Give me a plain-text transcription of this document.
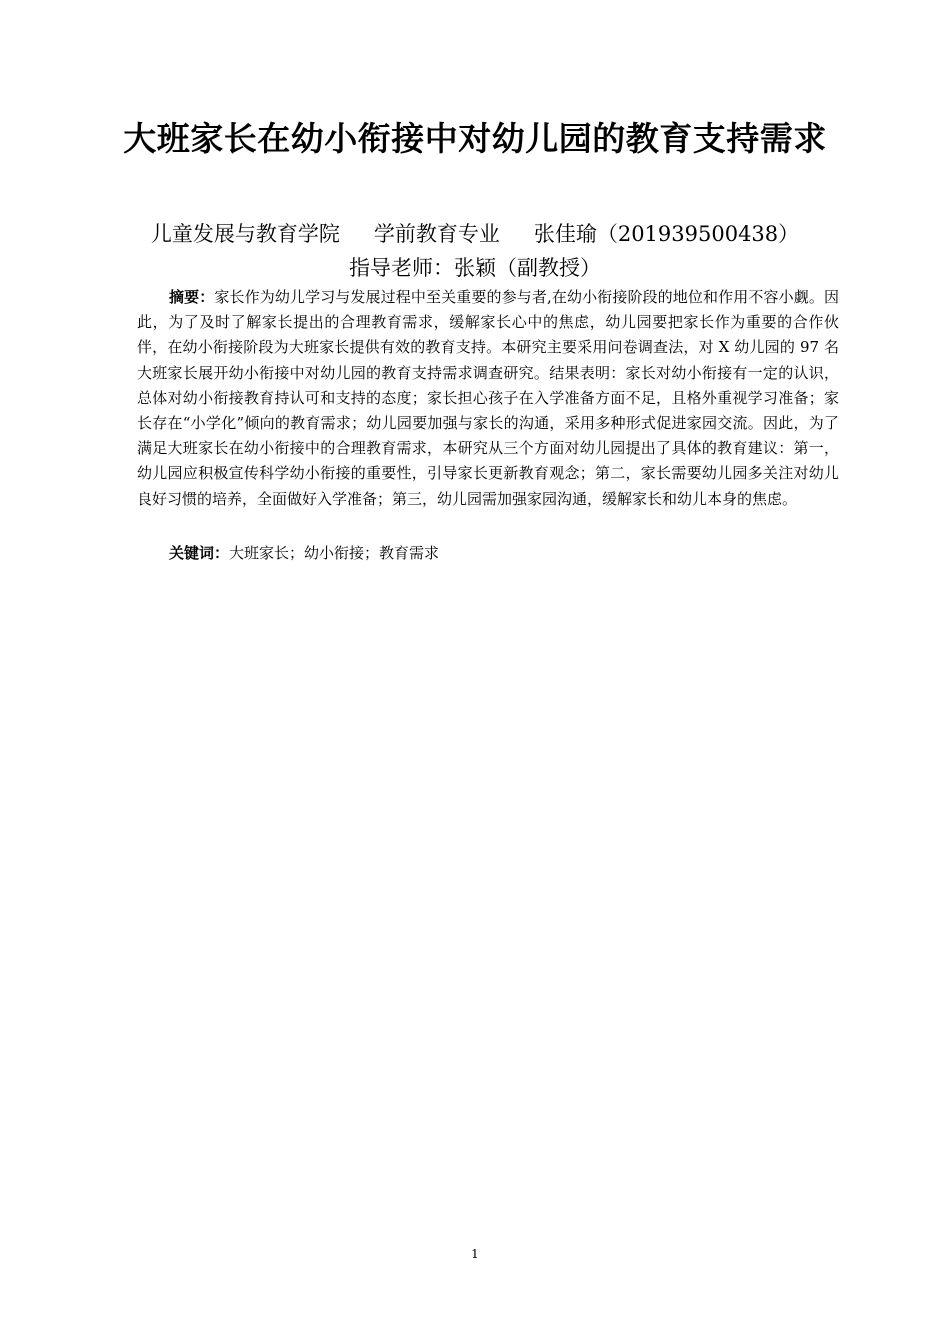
大班家长在幼小衔接中对幼儿园的教育支持需求
儿童发展与教育学院 学前教育专业 张佳瑜（201939500438）
指导老师：张颖（副教授）

摘要：家长作为幼儿学习与发展过程中至关重要的参与者,在幼小衔接阶段的地位和作用不容小觑。因此，为了及时了解家长提出的合理教育需求，缓解家长心中的焦虑，幼儿园要把家长作为重要的合作伙伴，在幼小衔接阶段为大班家长提供有效的教育支持。本研究主要采用问卷调查法，对 X 幼儿园的 97 名大班家长展开幼小衔接中对幼儿园的教育支持需求调查研究。结果表明：家长对幼小衔接有一定的认识，总体对幼小衔接教育持认可和支持的态度；家长担心孩子在入学准备方面不足，且格外重视学习准备；家长存在“小学化”倾向的教育需求；幼儿园要加强与家长的沟通，采用多种形式促进家园交流。因此，为了满足大班家长在幼小衔接中的合理教育需求，本研究从三个方面对幼儿园提出了具体的教育建议：第一，幼儿园应积极宣传科学幼小衔接的重要性，引导家长更新教育观念；第二，家长需要幼儿园多关注对幼儿良好习惯的培养，全面做好入学准备；第三，幼儿园需加强家园沟通，缓解家长和幼儿本身的焦虑。

关键词：大班家长；幼小衔接；教育需求

1
